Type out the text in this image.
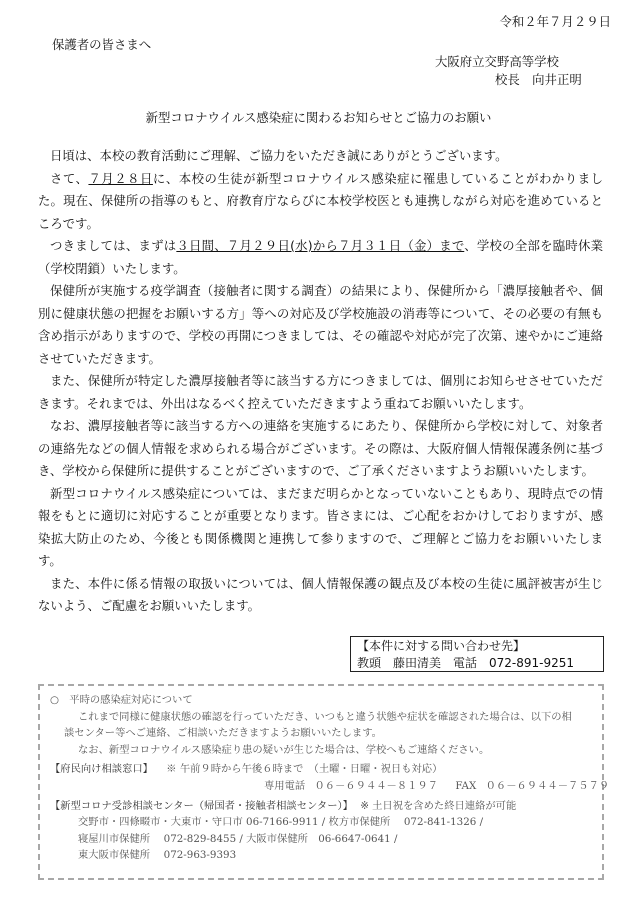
令和２年７月２９日
保護者の皆さまへ
大阪府立交野高等学校
校長　向井正明
新型コロナウイルス感染症に関わるお知らせとご協力のお願い

日頃は、本校の教育活動にご理解、ご協力をいただき誠にありがとうございます。

さて、７月２８日に、本校の生徒が新型コロナウイルス感染症に罹患していることがわかりました。現在、保健所の指導のもと、府教育庁ならびに本校学校医とも連携しながら対応を進めているところです。

つきましては、まずは３日間、７月２９日(水)から７月３１日（金）まで、学校の全部を臨時休業（学校閉鎖）いたします。

保健所が実施する疫学調査（接触者に関する調査）の結果により、保健所から「濃厚接触者や、個別に健康状態の把握をお願いする方」等への対応及び学校施設の消毒等について、その必要の有無も含め指示がありますので、学校の再開につきましては、その確認や対応が完了次第、速やかにご連絡させていただきます。

また、保健所が特定した濃厚接触者等に該当する方につきましては、個別にお知らせさせていただきます。それまでは、外出はなるべく控えていただきますよう重ねてお願いいたします。

なお、濃厚接触者等に該当する方への連絡を実施するにあたり、保健所から学校に対して、対象者の連絡先などの個人情報を求められる場合がございます。その際は、大阪府個人情報保護条例に基づき、学校から保健所に提供することがございますので、ご了承くださいますようお願いいたします。

新型コロナウイルス感染症については、まだまだ明らかとなっていないこともあり、現時点での情報をもとに適切に対応することが重要となります。皆さまには、ご心配をおかけしておりますが、感染拡大防止のため、今後とも関係機関と連携して参りますので、ご理解とご協力をお願いいたします。

また、本件に係る情報の取扱いについては、個人情報保護の観点及び本校の生徒に風評被害が生じないよう、ご配慮をお願いいたします。

【本件に対する問い合わせ先】
教頭　藤田清美 電話 072-891-9251
○　平時の感染症対応について
これまで同様に健康状態の確認を行っていただき、いつもと違う状態や症状を確認された場合は、以下の相
談センター等へご連絡、ご相談いただきますようお願いいたします。
なお、新型コロナウイルス感染症り患の疑いが生じた場合は、学校へもご連絡ください。
【府民向け相談窓口】 ※ 午前９時から午後６時まで　（土曜・日曜・祝日も対応）
専用電話 ０６－６９４４－８１９７ FAX ０６－６９４４－７５７９
【新型コロナ受診相談センター（帰国者・接触者相談センター）】 ※ 土日祝を含めた終日連絡が可能
交野市・四條畷市・大東市・守口市 06-7166-9911 / 枚方市保健所　 072-841-1326 /
寝屋川市保健所　 072-829-8455 / 大阪市保健所　06-6647-0641 /
東大阪市保健所　 072-963-9393
